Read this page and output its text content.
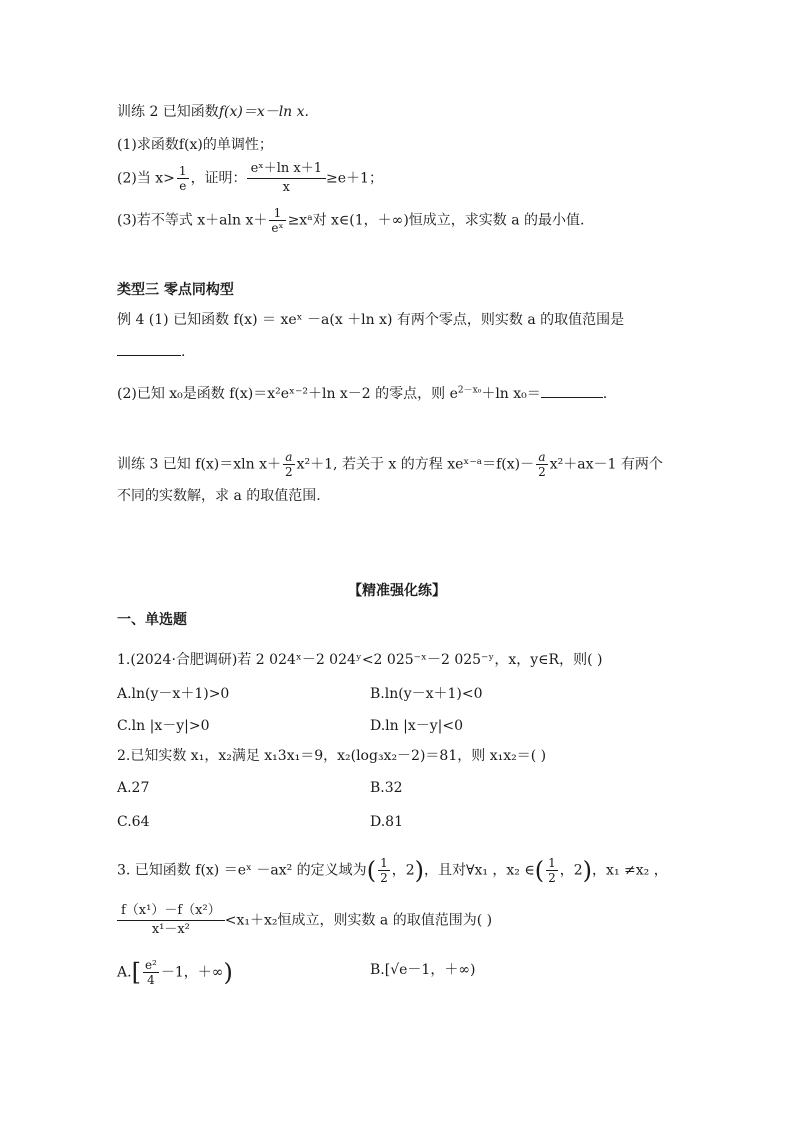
训练 2 已知函数f(x)＝x－ln x.
(1)求函数f(x)的单调性；
(2)当 $x> \frac{1}{e}$ ，证明： $\frac{\text{eˣ＋ln x＋1}}{x} \ge e+1$；
(3)若不等式 x＋aln $x+ \frac{1}{\text{eˣ}}$ ≥xᵃ对 x∈(1，＋∞)恒成立，求实数 a 的最小值.
类型三 零点同构型
例 4 (1) 已知函数 f(x) ＝ xeˣ －a(x ＋ln x) 有两个零点，则实数 a 的取值范围是
.
(2)已知 x₀是函数 f(x)＝x²eˣ⁻²＋ln x－2 的零点，则 $e^{2-x_0}+\ln$ x₀＝	.
训练 3 已知 f(x)＝xln $x+ \frac{a}{2} x^2+1$, 若关于 x 的方程 xeˣ⁻ᵃ＝f(x)－ $\frac{a}{2} x^2+ax-1$ 有两个
不同的实数解，求 a 的取值范围.
【精准强化练】
一、单选题
1.(2024·合肥调研)若 2 024ˣ－2 024ʸ<2 025⁻ˣ－2 025⁻ʸ，x，y∈R，则( )
A.ln(y－x＋1)>0	B.ln(y－x＋1)<0
C.ln |x－y|>0	D.ln |x－y|<0
2.已知实数 x₁，x₂满足 x₁3x₁＝9，x₂(log₃x₂－2)＝81，则 x₁x₂＝( )
A.27	B.32
C.64	D.81
3. 已知函数 f(x) ＝eˣ －ax² 的定义域为( $\frac{1}{2}$ ，2)，且对∀x₁ ，x₂ ∈( $\frac{1}{2}$ ，2)，x₁ ≠x₂ ，
$\frac{\text{f（x¹）－f（x²）}}{\text{x¹－x²}} <x_1+x_2$恒成立，则实数 a 的取值范围为( )
$A.[ \frac{\text{e²}}{4} -1$，＋∞)	B.[√e－1，＋∞)
